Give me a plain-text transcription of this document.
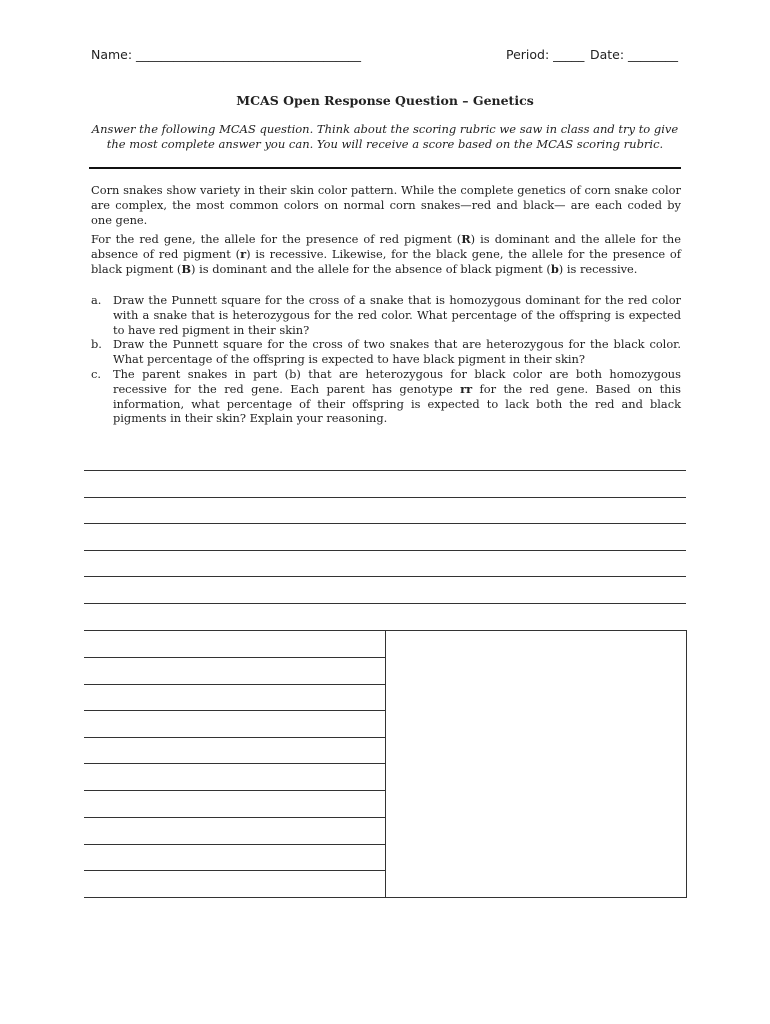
Name: ____________________________________	Period: _____ Date: ________
MCAS Open Response Question – Genetics
Answer the following MCAS question. Think about the scoring rubric we saw in class and try to give the most complete answer you can. You will receive a score based on the MCAS scoring rubric.
Corn snakes show variety in their skin color pattern. While the complete genetics of corn snake color are complex, the most common colors on normal corn snakes—red and black— are each coded by one gene.
For the red gene, the allele for the presence of red pigment (R) is dominant and the allele for the absence of red pigment (r) is recessive. Likewise, for the black gene, the allele for the presence of black pigment (B) is dominant and the allele for the absence of black pigment (b) is recessive.
a. Draw the Punnett square for the cross of a snake that is homozygous dominant for the red color with a snake that is heterozygous for the red color. What percentage of the offspring is expected to have red pigment in their skin?
b. Draw the Punnett square for the cross of two snakes that are heterozygous for the black color. What percentage of the offspring is expected to have black pigment in their skin?
c. The parent snakes in part (b) that are heterozygous for black color are both homozygous recessive for the red gene. Each parent has genotype rr for the red gene. Based on this information, what percentage of their offspring is expected to lack both the red and black pigments in their skin? Explain your reasoning.
